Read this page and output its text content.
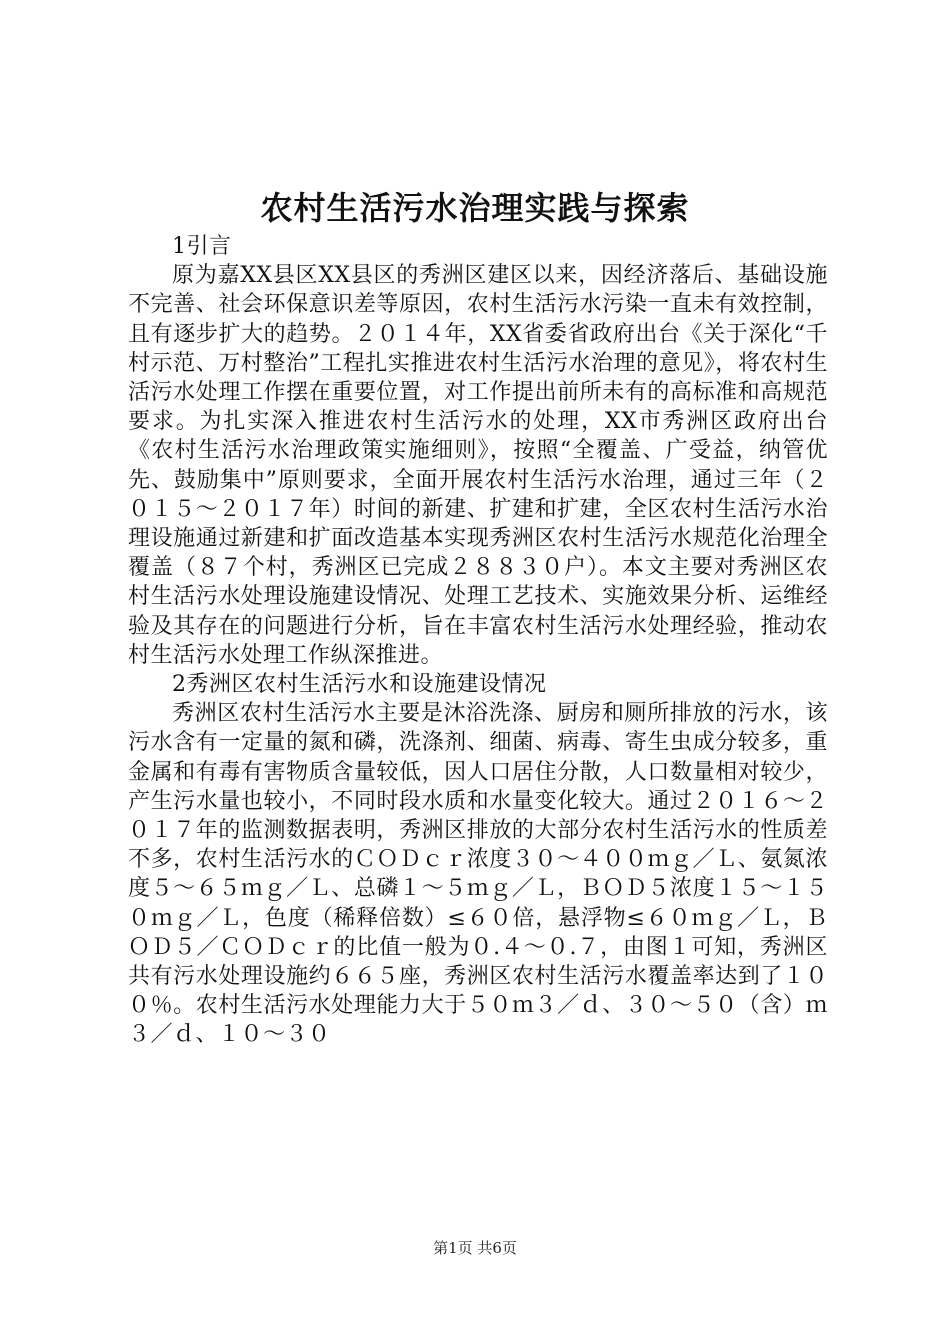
农村生活污水治理实践与探索

1引言

原为嘉XX县区XX县区的秀洲区建区以来，因经济落后、基础设施不完善、社会环保意识差等原因，农村生活污水污染一直未有效控制，且有逐步扩大的趋势。２０１４年，XX省委省政府出台《关于深化“千村示范、万村整治”工程扎实推进农村生活污水治理的意见》，将农村生活污水处理工作摆在重要位置，对工作提出前所未有的高标准和高规范要求。为扎实深入推进农村生活污水的处理，XX市秀洲区政府出台《农村生活污水治理政策实施细则》，按照“全覆盖、广受益，纳管优先、鼓励集中”原则要求，全面开展农村生活污水治理，通过三年（２０１５～２０１７年）时间的新建、扩建和扩建，全区农村生活污水治理设施通过新建和扩面改造基本实现秀洲区农村生活污水规范化治理全覆盖（８７个村，秀洲区已完成２８８３０户）。本文主要对秀洲区农村生活污水处理设施建设情况、处理工艺技术、实施效果分析、运维经验及其存在的问题进行分析，旨在丰富农村生活污水处理经验，推动农村生活污水处理工作纵深推进。

2秀洲区农村生活污水和设施建设情况

秀洲区农村生活污水主要是沐浴洗涤、厨房和厕所排放的污水，该污水含有一定量的氮和磷，洗涤剂、细菌、病毒、寄生虫成分较多，重金属和有毒有害物质含量较低，因人口居住分散，人口数量相对较少，产生污水量也较小，不同时段水质和水量变化较大。通过２０１６～２０１７年的监测数据表明，秀洲区排放的大部分农村生活污水的性质差不多，农村生活污水的ＣＯＤｃｒ浓度３０～４００ｍｇ／Ｌ、氨氮浓度５～６５ｍｇ／Ｌ、总磷１～５ｍｇ／Ｌ，ＢＯＤ５浓度１５～１５０ｍｇ／Ｌ，色度（稀释倍数）≤６０倍，悬浮物≤６０ｍｇ／Ｌ，ＢＯＤ５／ＣＯＤｃｒ的比值一般为０.４～０.７，由图１可知，秀洲区共有污水处理设施约６６５座，秀洲区农村生活污水覆盖率达到了１００％。农村生活污水处理能力大于５０ｍ３／ｄ、３０～５０（含）ｍ３／ｄ、１０～３０

第1页 共6页
